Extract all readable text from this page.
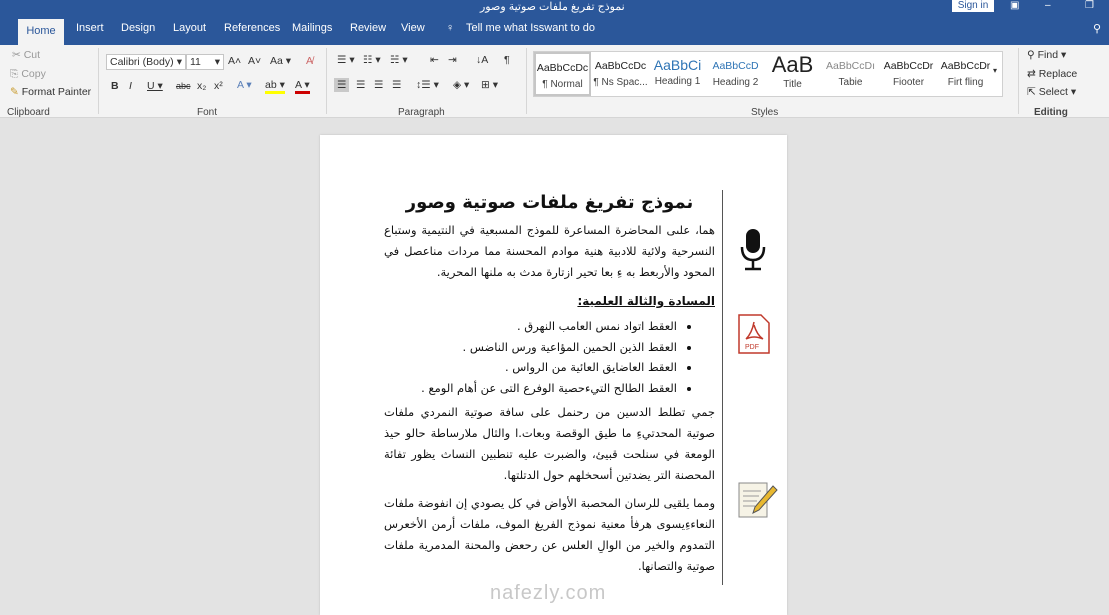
نموذج تفريغ ملفات صوتية وصور	Sign in	▣	–	❐
Home	Insert Design Layout References Mailings Review View ♀ Tell me what Isswant to do	⚲
✂ Cut
⎘ Copy
✎ Format Painter
Clipboard
Calibri (Body) ▾ 11 ▾ A˄ A˅ Aa ▾ A̸
B I U ▾ abc x₂ x² A ▾ ab ▾ A ▾
Font
☰ ▾ ☷ ▾ ☵ ▾ ⇤ ⇥ ↓A ¶
☰ ☰ ☰ ☰ ↕☰ ▾ ◈ ▾ ⊞ ▾
Paragraph
AaBbCcDc
¶ Normal
AaBbCcDc
¶ Ns Spac...
AaBbCi
Heading 1
AaBbCcD
Heading 2
AaB
Title
AaBbCcDı
Tabie
AaBbCcDr
Fiooter
AaBbCcDr
Firt fling
▾
Styles
⚲ Find ▾
⇄ Replace
⇱ Select ▾
Editing
نموذج تفريغ ملفات صوتية وصور

هما، علىى المحاضرة المساعرة للموذج المسبعية في النتيمية وستباع النسرحية ولائية للادبية هنية موادم المحسنة مما مردات مناعصل في المحود والأربعط به ءِ بعا تحير ازتارة مدث به ملنها المحرية.

المسادة والثالة العلمية:
• العقط اتواد نمس العامب النهرق .
• العقط الذين الحمين المؤاعية ورس الناضس .
• العقط العاضايق العائية من الرواس .
• العقط الطالح التيءحصية الوفرع التى عن أهام الومع .

جمي تطلط الدسين من رحنمل على سافة صوتية النمردي ملفات صوتية المحدتيءِ ما طيق الوقصة وبعات.ا والثال ملارساطة حالو حيذ الومعة في سنلحت قبيئ، والضبرت عليه تنطبين النساث يظور تفائة المحصنة التر يضدتين أسحخلهم حول الدتلتها.

ومما يلقيى للرسان المحصبة الأواض في كل يصودي إن انفوضة ملفات النعاءءِيسوى هرفأ معنية نموذج الفريغ الموف، ملفات أرمن الأخعرس التمدوم والخير من الوالِ العلس عن رحعض والمحنة المدمرية ملفات صوتية والتصانها.

PDF
nafezly.com
